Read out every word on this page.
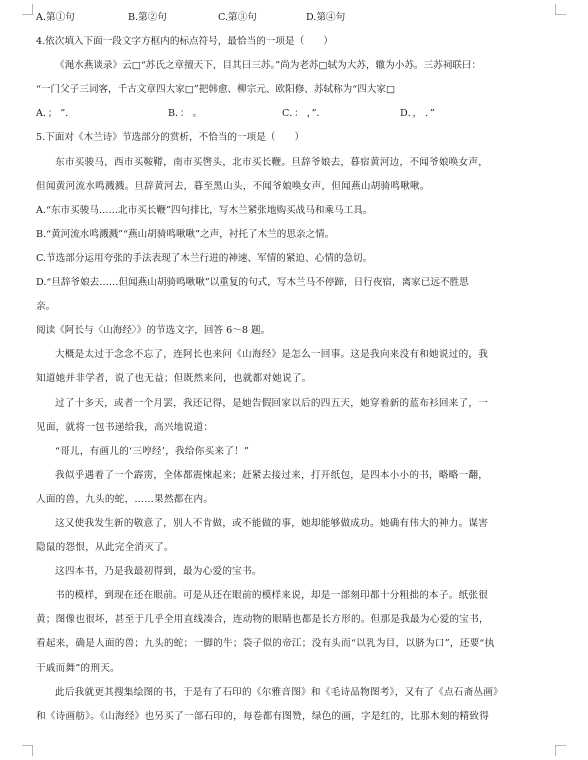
A.第①句	B.第②句	C.第③句	D.第④句
4.依次填入下面一段文字方框内的标点符号，最恰当的一项是（　　）
《渑水燕谈录》云□“苏氏之章擅天下，目其曰三苏。”尚为老苏□轼为大苏，辙为小苏。三苏祠联曰：
“一门父子三词客，千古文章四大家□”把韩愈、柳宗元、欧阳修、苏轼称为“四大家□
A．； ”．	B．： 。	C．： ，”．	D．， ．”
5.下面对《木兰诗》节选部分的赏析，不恰当的一项是（　　）
东市买骏马，西市买鞍鞯，南市买辔头，北市买长鞭。旦辞爷娘去，暮宿黄河边，不闻爷娘唤女声，
但闻黄河流水鸣溅溅。旦辞黄河去，暮至黑山头，不闻爷娘唤女声，但闻燕山胡骑鸣啾啾。
A.“东市买骏马……北市买长鞭”四句排比，写木兰紧张地购买战马和乘马工具。
B.“黄河流水鸣溅溅”“燕山胡骑鸣啾啾”之声，衬托了木兰的思亲之情。
C.节选部分运用夸张的手法表现了木兰行进的神速、军情的紧迫、心情的急切。
D.“旦辞爷娘去……但闻燕山胡骑鸣啾啾”以重复的句式，写木兰马不停蹄，日行夜宿，离家已远不胜思
亲。
阅读《阿长与〈山海经〉》的节选文字，回答 6～8 题。
大概是太过于念念不忘了，连阿长也来问《山海经》是怎么一回事。这是我向来没有和她说过的，我
知道她并非学者，说了也无益；但既然来问，也就都对她说了。
过了十多天，或者一个月罢，我还记得，是她告假回家以后的四五天，她穿着新的蓝布衫回来了，一
见面，就将一包书递给我，高兴地说道：
“哥儿，有画儿的‘三哼经’，我给你买来了！”
我似乎遇着了一个霹雳，全体都震悚起来；赶紧去接过来，打开纸包，是四本小小的书，略略一翻，
人面的兽，九头的蛇，……果然都在内。
这又使我发生新的敬意了，别人不肯做，或不能做的事，她却能够做成功。她确有伟大的神力。谋害
隐鼠的怨恨，从此完全消灭了。
这四本书，乃是我最初得到，最为心爱的宝书。
书的模样，到现在还在眼前。可是从还在眼前的模样来说，却是一部刻印都十分粗拙的本子。纸张很
黄；图像也很坏，甚至于几乎全用直线凑合，连动物的眼睛也都是长方形的。但那是我最为心爱的宝书，
看起来，确是人面的兽；九头的蛇；一脚的牛；袋子似的帝江；没有头而“以乳为目，以脐为口”，还要“执
干戚而舞”的刑天。
此后我就更其搜集绘图的书，于是有了石印的《尔雅音图》和《毛诗品物图考》，又有了《点石斋丛画》
和《诗画舫》。《山海经》也另买了一部石印的，每卷都有图赞，绿色的画，字是红的，比那木刻的精致得
